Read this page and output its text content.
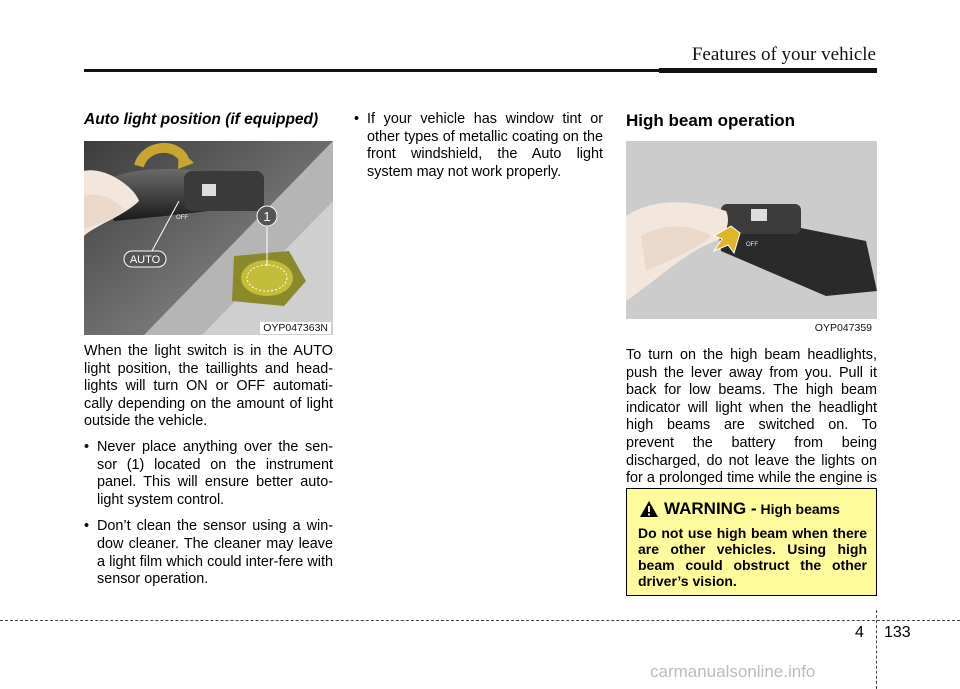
Features of your vehicle
Auto light position (if equipped)
OFF
AUTO
1
OYP047363N

When the light switch is in the AUTO light position, the taillights and head-lights will turn ON or OFF automati-cally depending on the amount of light outside the vehicle.

• Never place anything over the sen-sor (1) located on the instrument panel. This will ensure better auto-light system control.
• Don’t clean the sensor using a win-dow cleaner. The cleaner may leave a light film which could inter-fere with sensor operation.
• If your vehicle has window tint or other types of metallic coating on the front windshield, the Auto light system may not work properly.
High beam operation
OFF
OYP047359

To turn on the high beam headlights, push the lever away from you. Pull it back for low beams. The high beam indicator will light when the headlight high beams are switched on. To prevent the battery from being discharged, do not leave the lights on for a prolonged time while the engine is

WARNING - High beams
Do not use high beam when there are other vehicles. Using high beam could obstruct the other driver’s vision.
4 133
carmanualsonline.info
